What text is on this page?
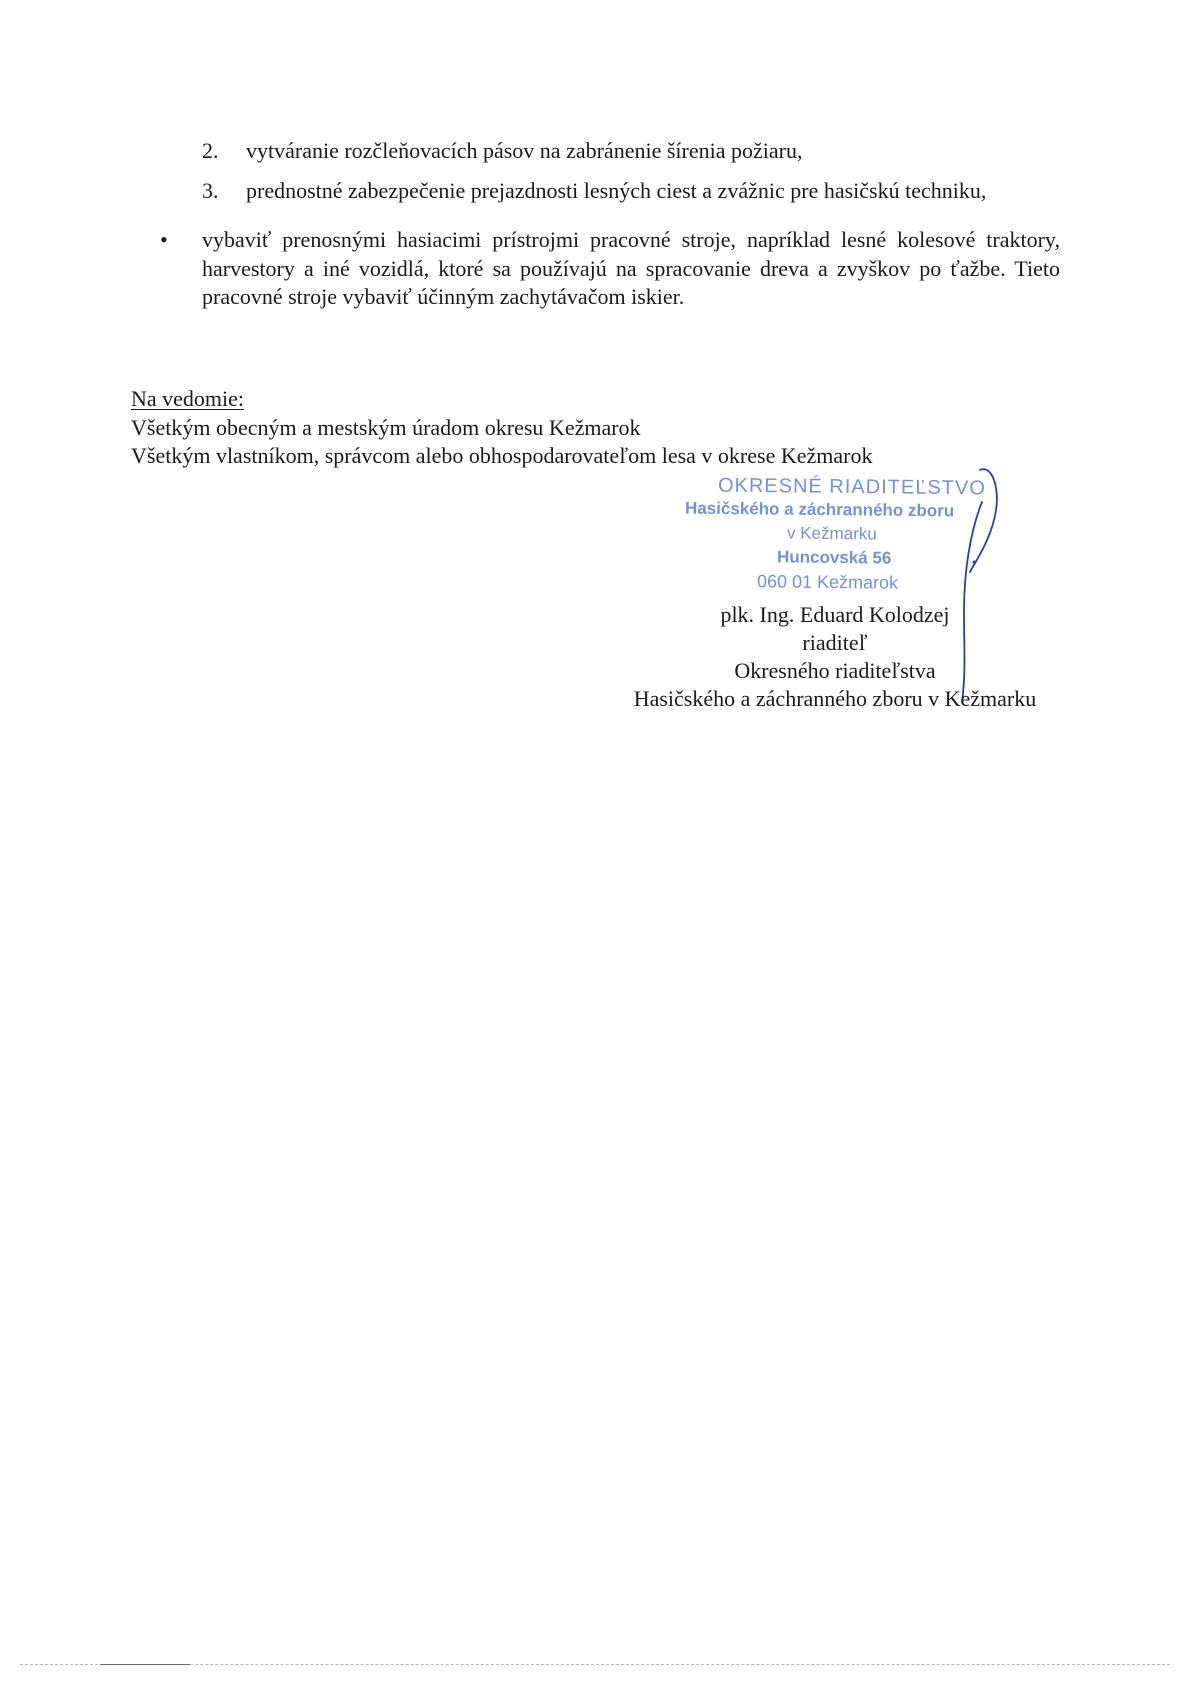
2. vytváranie rozčleňovacích pásov na zabránenie šírenia požiaru,
3. prednostné zabezpečenie prejazdnosti lesných ciest a zvážnic pre hasičskú techniku,
•	vybaviť prenosnými hasiacimi prístrojmi pracovné stroje, napríklad lesné kolesové traktory, harvestory a iné vozidlá, ktoré sa používajú na spracovanie dreva a zvyškov po ťažbe. Tieto pracovné stroje vybaviť účinným zachytávačom iskier.
Na vedomie:
Všetkým obecným a mestským úradom okresu Kežmarok
Všetkým vlastníkom, správcom alebo obhospodarovateľom lesa v okrese Kežmarok
OKRESNÉ RIADITEĽSTVO
Hasičského a záchranného zboru
v Kežmarku
Huncovská 56
060 01 Kežmarok
plk. Ing. Eduard Kolodzej
riaditeľ
Okresného riaditeľstva
Hasičského a záchranného zboru v Kežmarku
